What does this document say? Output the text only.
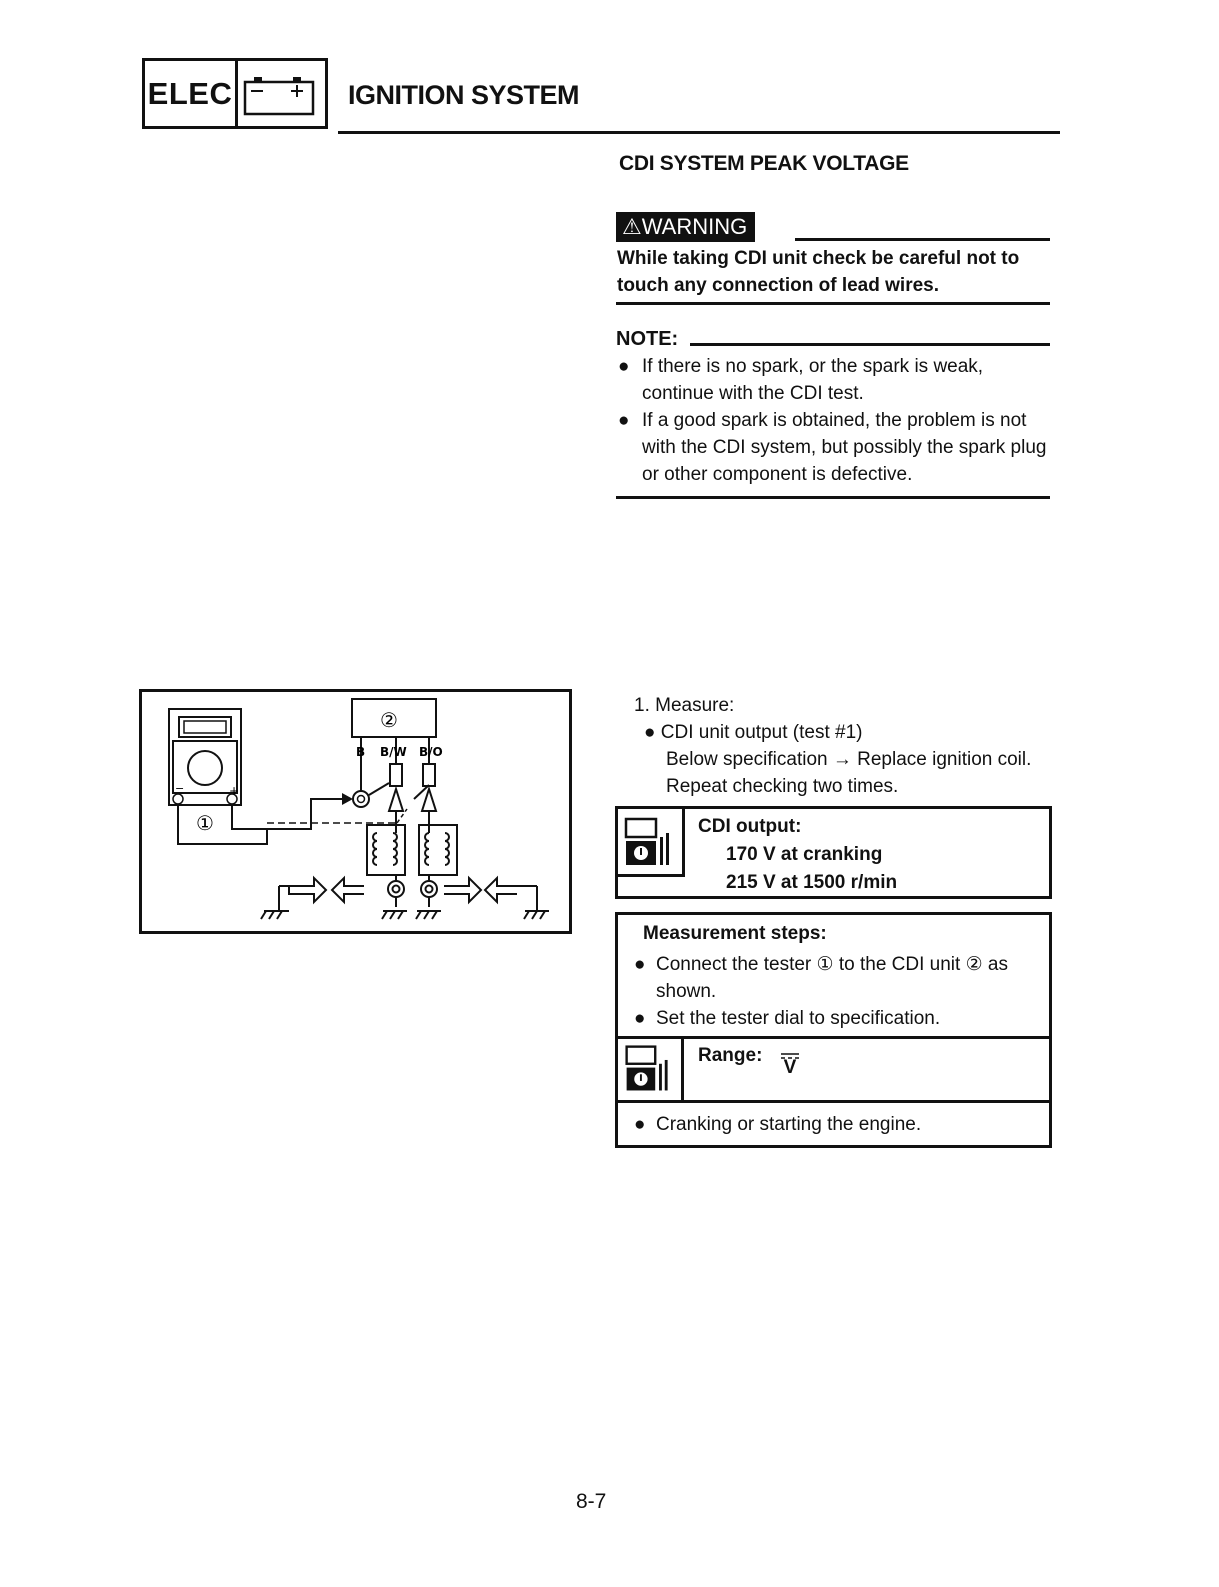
ELEC	IGNITION SYSTEM
CDI SYSTEM PEAK VOLTAGE
⚠WARNING
While taking CDI unit check be careful not to touch any connection of lead wires.
NOTE:

● If there is no spark, or the spark is weak, continue with the CDI test.

● If a good spark is obtained, the problem is not with the CDI system, but possibly the spark plug or other component is defective.

−	+
①
②
B B/W B/O
1. Measure:
● CDI unit output (test #1)
Below specification → Replace ignition coil.
Repeat checking two times.
CDI output:
170 V at cranking
215 V at 1500 r/min
Measurement steps:
● Connect the tester ① to the CDI unit ② as shown.
● Set the tester dial to specification.
Range:
V
● Cranking or starting the engine.
8-7
